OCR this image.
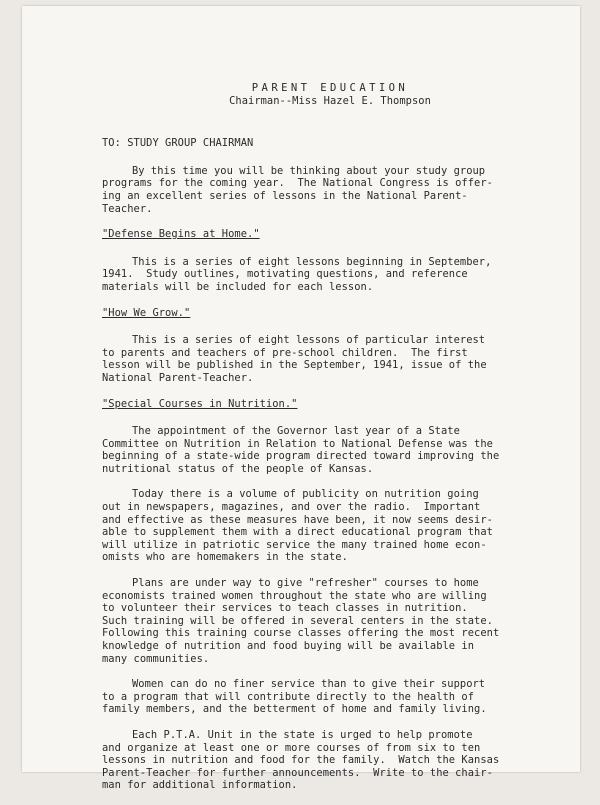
PARENT EDUCATION
Chairman--Miss Hazel E. Thompson
TO: STUDY GROUP CHAIRMAN

By this time you will be thinking about your study group
programs for the coming year.  The National Congress is offer-
ing an excellent series of lessons in the National Parent-
Teacher.

"Defense Begins at Home."

This is a series of eight lessons beginning in September,
1941.  Study outlines, motivating questions, and reference
materials will be included for each lesson.

"How We Grow."

This is a series of eight lessons of particular interest
to parents and teachers of pre-school children.  The first
lesson will be published in the September, 1941, issue of the
National Parent-Teacher.

"Special Courses in Nutrition."

The appointment of the Governor last year of a State
Committee on Nutrition in Relation to National Defense was the
beginning of a state-wide program directed toward improving the
nutritional status of the people of Kansas.

Today there is a volume of publicity on nutrition going
out in newspapers, magazines, and over the radio.  Important
and effective as these measures have been, it now seems desir-
able to supplement them with a direct educational program that
will utilize in patriotic service the many trained home econ-
omists who are homemakers in the state.

Plans are under way to give "refresher" courses to home
economists trained women throughout the state who are willing
to volunteer their services to teach classes in nutrition.
Such training will be offered in several centers in the state.
Following this training course classes offering the most recent
knowledge of nutrition and food buying will be available in
many communities.

Women can do no finer service than to give their support
to a program that will contribute directly to the health of
family members, and the betterment of home and family living.

Each P.T.A. Unit in the state is urged to help promote
and organize at least one or more courses of from six to ten
lessons in nutrition and food for the family.  Watch the Kansas
Parent-Teacher for further announcements.  Write to the chair-
man for additional information.
